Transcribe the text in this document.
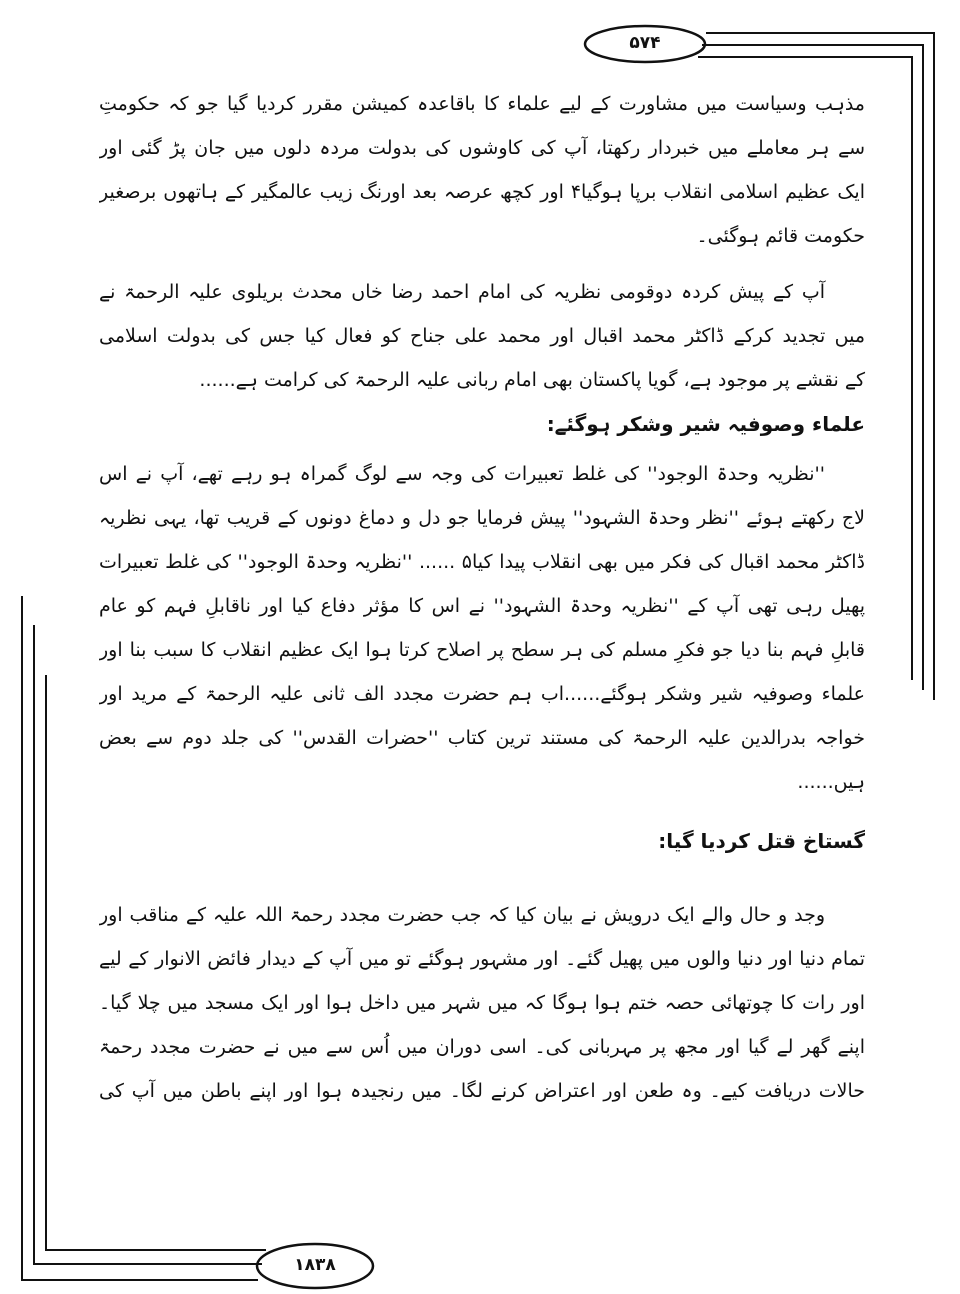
۵۷۴
۱۸۳۸
مذہب وسیاست میں مشاورت کے لیے علماء کا باقاعدہ کمیشن مقرر کردیا گیا جو کہ حکومتِ
سے ہر معاملے میں خبردار رکھتا، آپ کی کاوشوں کی بدولت مردہ دلوں میں جان پڑ گئی اور
ایک عظیم اسلامی انقلاب برپا ہوگیا۴ اور کچھ عرصہ بعد اورنگ زیب عالمگیر کے ہاتھوں برصغیر
حکومت قائم ہوگئی۔
آپ کے پیش کردہ دوقومی نظریہ کی امام احمد رضا خاں محدث بریلوی علیہ الرحمۃ نے
میں تجدید کرکے ڈاکٹر محمد اقبال اور محمد علی جناح کو فعال کیا جس کی بدولت اسلامی
کے نقشے پر موجود ہے، گویا پاکستان بھی امام ربانی علیہ الرحمۃ کی کرامت ہے......
علماء وصوفیہ شیر وشکر ہوگئے:
''نظریہ وحدۃ الوجود'' کی غلط تعبیرات کی وجہ سے لوگ گمراہ ہو رہے تھے، آپ نے اس
لاج رکھتے ہوئے ''نظر وحدۃ الشہود'' پیش فرمایا جو دل و دماغ دونوں کے قریب تھا، یہی نظریہ
ڈاکٹر محمد اقبال کی فکر میں بھی انقلاب پیدا کیا۵ ...... ''نظریہ وحدۃ الوجود'' کی غلط تعبیرات
پھیل رہی تھی آپ کے ''نظریہ وحدۃ الشہود'' نے اس کا مؤثر دفاع کیا اور ناقابلِ فہم کو عام
قابلِ فہم بنا دیا جو فکرِ مسلم کی ہر سطح پر اصلاح کرتا ہوا ایک عظیم انقلاب کا سبب بنا اور
علماء وصوفیہ شیر وشکر ہوگئے......اب ہم حضرت مجدد الف ثانی علیہ الرحمۃ کے مرید اور
خواجہ بدرالدین علیہ الرحمۃ کی مستند ترین کتاب ''حضرات القدس'' کی جلد دوم سے بعض
ہیں......
گستاخ قتل کردیا گیا:
وجد و حال والے ایک درویش نے بیان کیا کہ جب حضرت مجدد رحمۃ اللہ علیہ کے مناقب اور
تمام دنیا اور دنیا والوں میں پھیل گئے۔ اور مشہور ہوگئے تو میں آپ کے دیدار فائض الانوار کے لیے
اور رات کا چوتھائی حصہ ختم ہوا ہوگا کہ میں شہر میں داخل ہوا اور ایک مسجد میں چلا گیا۔
اپنے گھر لے گیا اور مجھ پر مہربانی کی۔ اسی دوران میں اُس سے میں نے حضرت مجدد رحمۃ
حالات دریافت کیے۔ وہ طعن اور اعتراض کرنے لگا۔ میں رنجیدہ ہوا اور اپنے باطن میں آپ کی
